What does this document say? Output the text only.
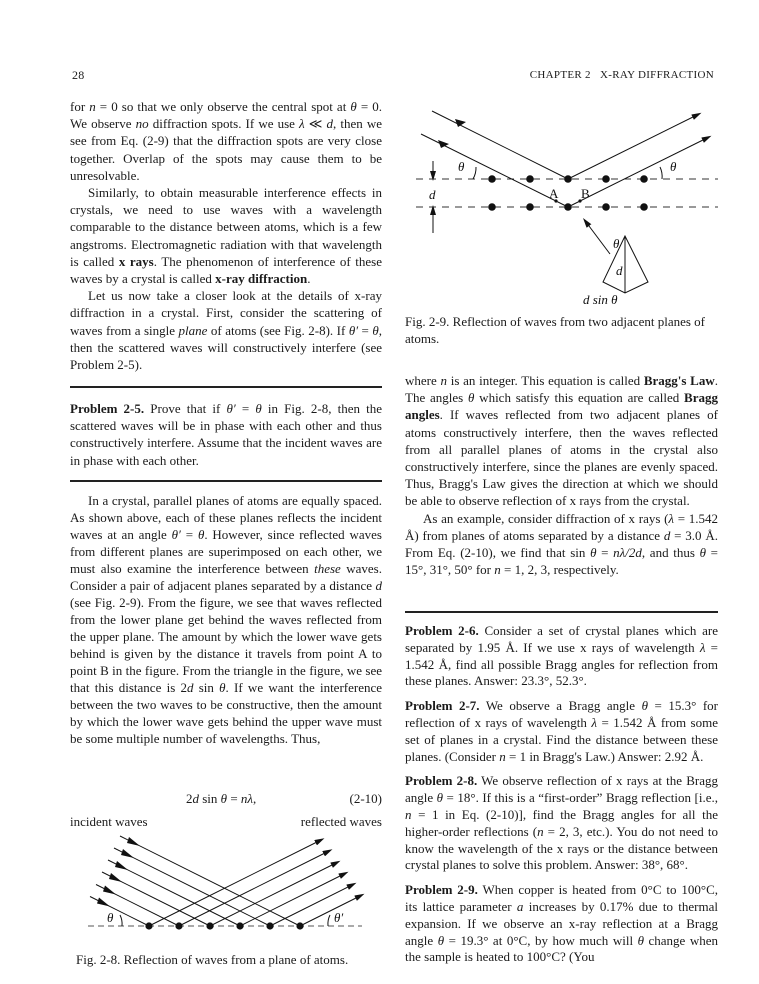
28	CHAPTER 2   X-RAY DIFFRACTION

for n = 0 so that we only observe the central spot at θ = 0. We observe no diffraction spots. If we use λ ≪ d, then we see from Eq. (2-9) that the diffraction spots are very close together. Overlap of the spots may cause them to be unresolvable.

Similarly, to obtain measurable interference effects in crystals, we need to use waves with a wavelength comparable to the distance between atoms, which is a few angstroms. Electromagnetic radiation with that wavelength is called x rays. The phenomenon of interference of these waves by a crystal is called x-ray diffraction.

Let us now take a closer look at the details of x-ray diffraction in a crystal. First, consider the scattering of waves from a single plane of atoms (see Fig. 2-8). If θ′ = θ, then the scattered waves will constructively interfere (see Problem 2-5).

Problem 2-5. Prove that if θ′ = θ in Fig. 2-8, then the scattered waves will be in phase with each other and thus constructively interfere. Assume that the incident waves are in phase with each other.
In a crystal, parallel planes of atoms are equally spaced. As shown above, each of these planes reflects the incident waves at an angle θ′ = θ. However, since reflected waves from different planes are superimposed on each other, we must also examine the interference between these waves. Consider a pair of adjacent planes separated by a distance d (see Fig. 2-9). From the figure, we see that waves reflected from the lower plane get behind the waves reflected from the upper plane. The amount by which the lower wave gets behind is given by the distance it travels from point A to point B in the figure. From the triangle in the figure, we see that this distance is 2d sin θ. If we want the interference between the two waves to be constructive, then the amount by which the lower wave gets behind the upper wave must be some multiple number of wavelengths. Thus,
2d sin θ = nλ,	(2-10)
incident waves	reflected waves
θ	θ′
Fig. 2-8. Reflection of waves from a plane of atoms.
θ	θ
d	A B
θ
d
d sin θ
Fig. 2-9. Reflection of waves from two adjacent planes of atoms.

where n is an integer. This equation is called Bragg's Law. The angles θ which satisfy this equation are called Bragg angles. If waves reflected from two adjacent planes of atoms constructively interfere, then the waves reflected from all parallel planes of atoms in the crystal also constructively interfere, since the planes are evenly spaced. Thus, Bragg's Law gives the direction at which we should be able to observe reflection of x rays from the crystal.

As an example, consider diffraction of x rays (λ = 1.542 Å) from planes of atoms separated by a distance d = 3.0 Å. From Eq. (2-10), we find that sin θ = nλ/2d, and thus θ = 15°, 31°, 50° for n = 1, 2, 3, respectively.

Problem 2-6. Consider a set of crystal planes which are separated by 1.95 Å. If we use x rays of wavelength λ = 1.542 Å, find all possible Bragg angles for reflection from these planes. Answer: 23.3°, 52.3°.
Problem 2-7. We observe a Bragg angle θ = 15.3° for reflection of x rays of wavelength λ = 1.542 Å from some set of planes in a crystal. Find the distance between these planes. (Consider n = 1 in Bragg's Law.) Answer: 2.92 Å.
Problem 2-8. We observe reflection of x rays at the Bragg angle θ = 18°. If this is a “first-order” Bragg reflection [i.e., n = 1 in Eq. (2-10)], find the Bragg angles for all the higher-order reflections (n = 2, 3, etc.). You do not need to know the wavelength of the x rays or the distance between crystal planes to solve this problem. Answer: 38°, 68°.
Problem 2-9. When copper is heated from 0°C to 100°C, its lattice parameter a increases by 0.17% due to thermal expansion. If we observe an x-ray reflection at a Bragg angle θ = 19.3° at 0°C, by how much will θ change when the sample is heated to 100°C? (You
